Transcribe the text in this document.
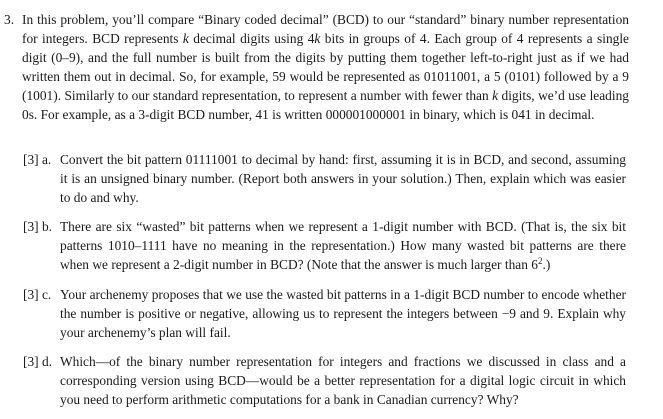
3. In this problem, you’ll compare “Binary coded decimal” (BCD) to our “standard” binary number representation for integers. BCD represents k decimal digits using 4k bits in groups of 4. Each group of 4 represents a single digit (0–9), and the full number is built from the digits by putting them together left-to-right just as if we had written them out in decimal. So, for example, 59 would be represented as 01011001, a 5 (0101) followed by a 9 (1001). Similarly to our standard representation, to represent a number with fewer than k digits, we’d use leading 0s. For example, as a 3-digit BCD number, 41 is written 000001000001 in binary, which is 041 in decimal.
[3] a. Convert the bit pattern 01111001 to decimal by hand: first, assuming it is in BCD, and second, assuming it is an unsigned binary number. (Report both answers in your solution.) Then, explain which was easier to do and why.
[3] b. There are six “wasted” bit patterns when we represent a 1-digit number with BCD. (That is, the six bit patterns 1010–1111 have no meaning in the representation.) How many wasted bit patterns are there when we represent a 2-digit number in BCD? (Note that the answer is much larger than $6^2$.)
[3] c. Your archenemy proposes that we use the wasted bit patterns in a 1-digit BCD number to encode whether the number is positive or negative, allowing us to represent the integers between −9 and 9. Explain why your archenemy’s plan will fail.
[3] d. Which—of the binary number representation for integers and fractions we discussed in class and a corresponding version using BCD—would be a better representation for a digital logic circuit in which you need to perform arithmetic computations for a bank in Canadian currency? Why?
